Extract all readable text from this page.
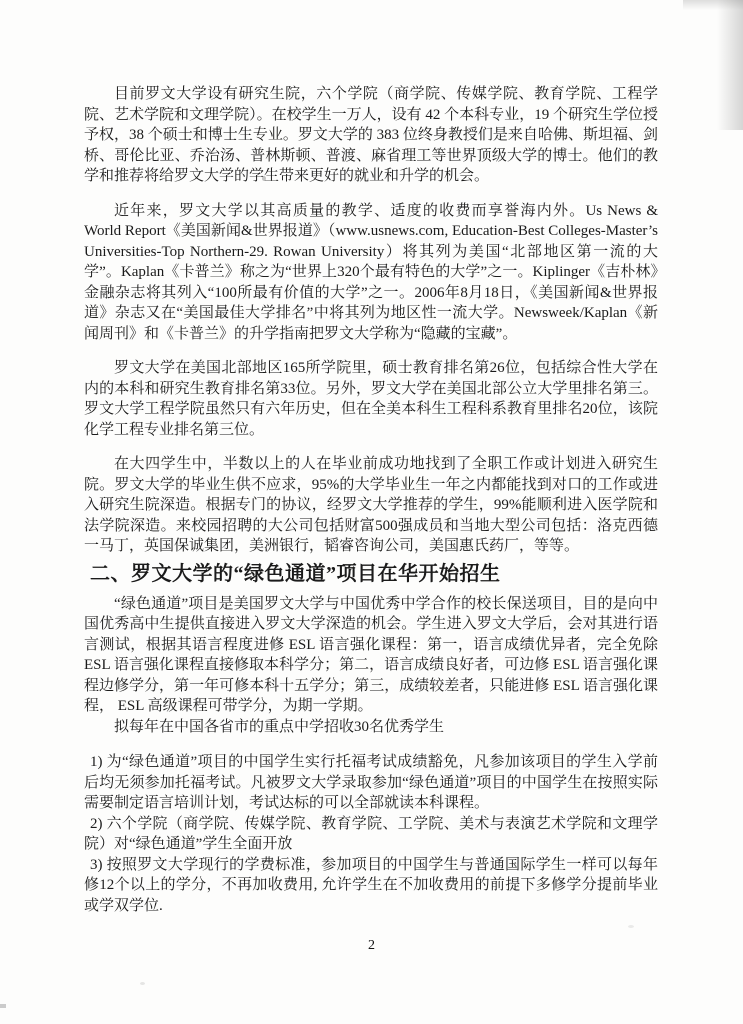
目前罗文大学设有研究生院，六个学院（商学院、传媒学院、教育学院、工程学院、艺术学院和文理学院）。在校学生一万人，设有 42 个本科专业，19 个研究生学位授予权，38 个硕士和博士生专业。罗文大学的 383 位终身教授们是来自哈佛、斯坦福、剑桥、哥伦比亚、乔治汤、普林斯顿、普渡、麻省理工等世界顶级大学的博士。他们的教学和推荐将给罗文大学的学生带来更好的就业和升学的机会。

近年来，罗文大学以其高质量的教学、适度的收费而享誉海内外。Us News & World Report《美国新闻&世界报道》（www.usnews.com, Education-Best Colleges-Master’s Universities-Top Northern-29. Rowan University）将其列为美国“北部地区第一流的大学”。Kaplan《卡普兰》称之为“世界上320个最有特色的大学”之一。Kiplinger《吉朴林》金融杂志将其列入“100所最有价值的大学”之一。2006年8月18日，《美国新闻&世界报道》杂志又在“美国最佳大学排名”中将其列为地区性一流大学。Newsweek/Kaplan《新闻周刊》和《卡普兰》的升学指南把罗文大学称为“隐藏的宝藏”。

罗文大学在美国北部地区165所学院里，硕士教育排名第26位，包括综合性大学在内的本科和研究生教育排名第33位。另外，罗文大学在美国北部公立大学里排名第三。罗文大学工程学院虽然只有六年历史，但在全美本科生工程科系教育里排名20位，该院化学工程专业排名第三位。

在大四学生中，半数以上的人在毕业前成功地找到了全职工作或计划进入研究生院。罗文大学的毕业生供不应求，95%的大学毕业生一年之内都能找到对口的工作或进入研究生院深造。根据专门的协议，经罗文大学推荐的学生，99%能顺利进入医学院和法学院深造。来校园招聘的大公司包括财富500强成员和当地大型公司包括：洛克西德一马丁，英国保诚集团，美洲银行，韬睿咨询公司，美国惠氏药厂，等等。

二、罗文大学的“绿色通道”项目在华开始招生

“绿色通道”项目是美国罗文大学与中国优秀中学合作的校长保送项目，目的是向中国优秀高中生提供直接进入罗文大学深造的机会。学生进入罗文大学后，会对其进行语言测试，根据其语言程度进修 ESL 语言强化课程：第一，语言成绩优异者，完全免除 ESL 语言强化课程直接修取本科学分；第二，语言成绩良好者，可边修 ESL 语言强化课程边修学分，第一年可修本科十五学分；第三，成绩较差者，只能进修 ESL 语言强化课程， ESL 高级课程可带学分，为期一学期。

拟每年在中国各省市的重点中学招收30名优秀学生

1) 为“绿色通道”项目的中国学生实行托福考试成绩豁免，凡参加该项目的学生入学前后均无须参加托福考试。凡被罗文大学录取参加“绿色通道”项目的中国学生在按照实际需要制定语言培训计划，考试达标的可以全部就读本科课程。

2) 六个学院（商学院、传媒学院、教育学院、工学院、美术与表演艺术学院和文理学院）对“绿色通道”学生全面开放

3) 按照罗文大学现行的学费标准，参加项目的中国学生与普通国际学生一样可以每年修12个以上的学分，不再加收费用, 允许学生在不加收费用的前提下多修学分提前毕业或学双学位.

2
